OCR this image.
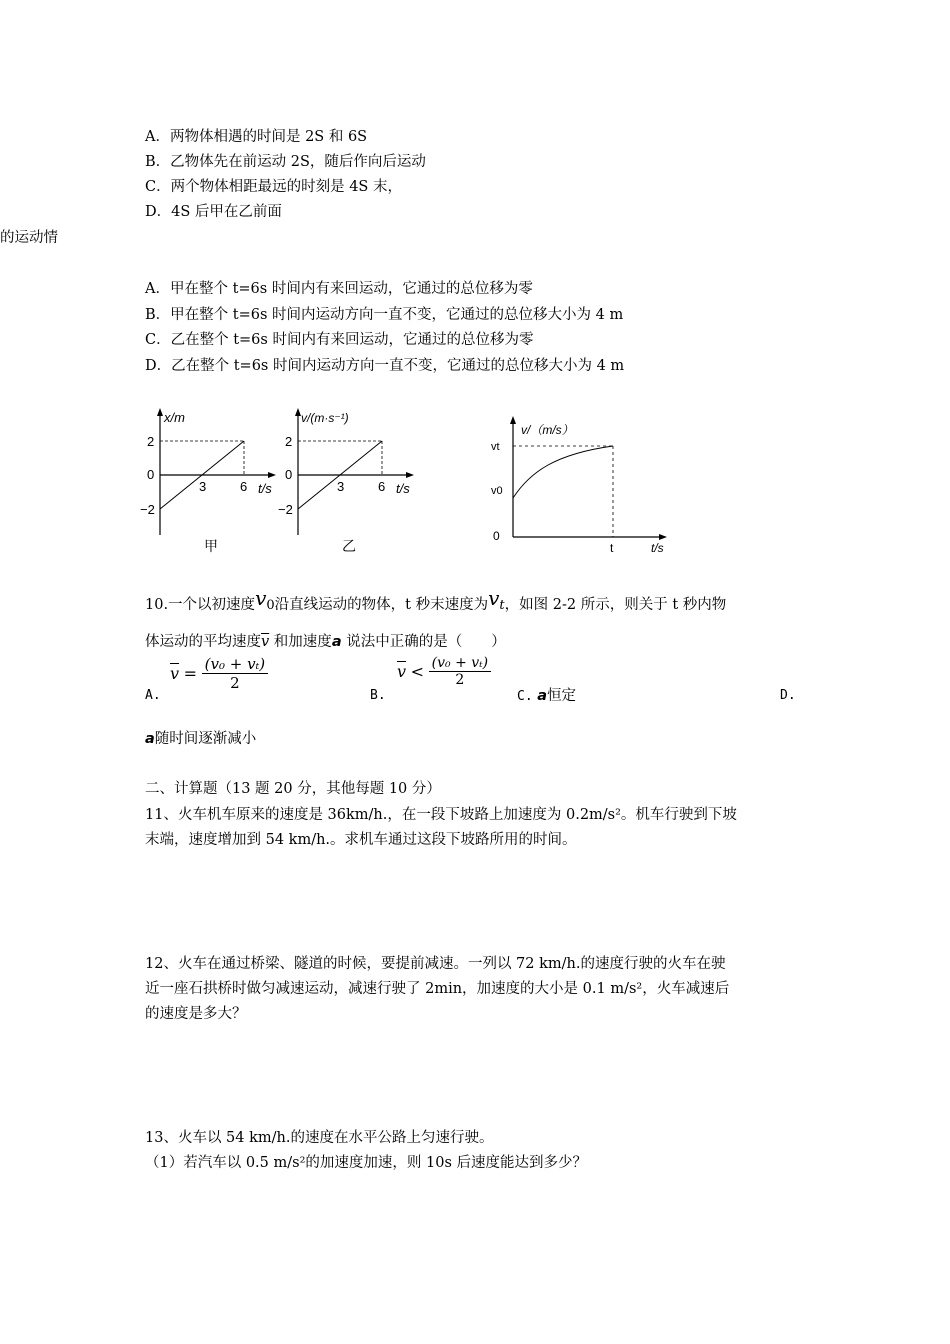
A．两物体相遇的时间是 2S 和 6S
B．乙物体先在前运动 2S，随后作向后运动
C．两个物体相距最远的时刻是 4S 末，
D．4S 后甲在乙前面
的运动情
A．甲在整个 t=6s 时间内有来回运动，它通过的总位移为零
B．甲在整个 t=6s 时间内运动方向一直不变，它通过的总位移大小为 4 m
C．乙在整个 t=6s 时间内有来回运动，它通过的总位移为零
D．乙在整个 t=6s 时间内运动方向一直不变，它通过的总位移大小为 4 m
x/m
2
0
−2
3	6 t/s
甲
v/(m·s⁻¹)
2
0
−2
3	6 t/s
乙
v/（m/s）
vt
v0
0
t	t/s
10.一个以初速度v0沿直线运动的物体，t 秒末速度为vt，如图 2-2 所示，则关于 t 秒内物
体运动的平均速度$\overline{v}$ 和加速度a 说法中正确的是（　　）
$\overline{v} = \frac{\text{(v₀ + vₜ)}}{2}$
A.
$\overline{v} < \frac{\text{(v₀ + vₜ)}}{2}$
B.	C. a恒定	D.
a随时间逐渐减小
二、计算题（13 题 20 分，其他每题 10 分）
11、火车机车原来的速度是 36km/h.，在一段下坡路上加速度为 0.2m/s²。机车行驶到下坡
末端，速度增加到 54 km/h.。求机车通过这段下坡路所用的时间。
12、火车在通过桥梁、隧道的时候，要提前减速。一列以 72 km/h.的速度行驶的火车在驶
近一座石拱桥时做匀减速运动，减速行驶了 2min，加速度的大小是 0.1 m/s²，火车减速后
的速度是多大？
13、火车以 54 km/h.的速度在水平公路上匀速行驶。
（1）若汽车以 0.5 m/s²的加速度加速，则 10s 后速度能达到多少？
